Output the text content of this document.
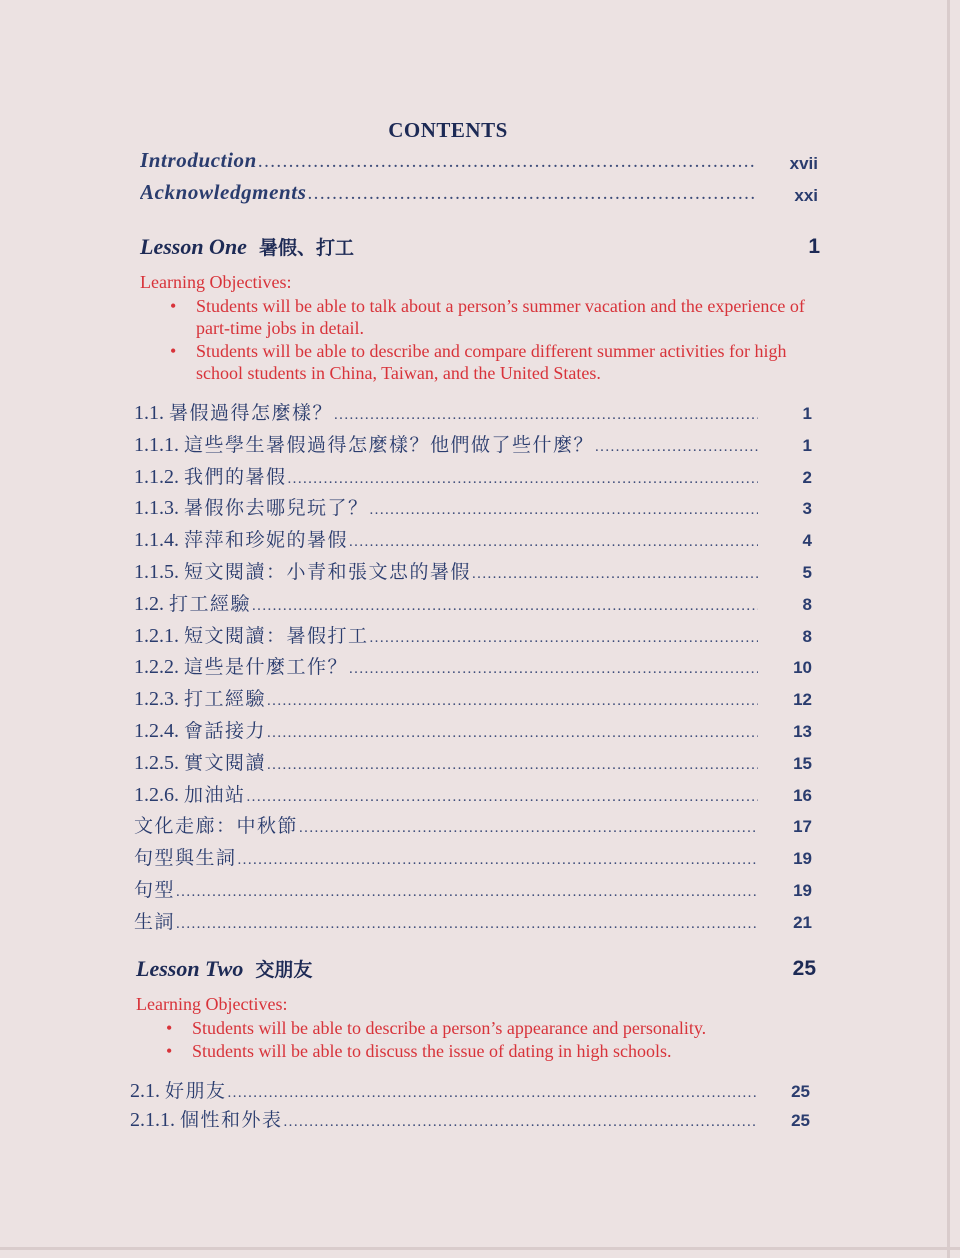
CONTENTS
Introduction .....	xvii
Acknowledgments .....	xxi
Lesson One 暑假、打工	1
Learning Objectives:
• Students will be able to talk about a person’s summer vacation and the experience of part-time jobs in detail.
• Students will be able to describe and compare different summer activities for high school students in China, Taiwan, and the United States.
1.1. 暑假過得怎麼樣？ .....	1
1.1.1. 這些學生暑假過得怎麼樣？他們做了些什麼？ .....	1
1.1.2. 我們的暑假 .....	2
1.1.3. 暑假你去哪兒玩了？ .....	3
1.1.4. 萍萍和珍妮的暑假 .....	4
1.1.5. 短文閱讀：小青和張文忠的暑假 .....	5
1.2. 打工經驗 .....	8
1.2.1. 短文閱讀：暑假打工 .....	8
1.2.2. 這些是什麼工作？ .....	10
1.2.3. 打工經驗 .....	12
1.2.4. 會話接力 .....	13
1.2.5. 實文閱讀 .....	15
1.2.6. 加油站 .....	16
文化走廊：中秋節 .....	17
句型與生詞 .....	19
句型 .....	19
生詞 .....	21
Lesson Two 交朋友	25
Learning Objectives:
• Students will be able to describe a person’s appearance and personality.
• Students will be able to discuss the issue of dating in high schools.
2.1. 好朋友 .....	25
2.1.1. 個性和外表 .....	25
